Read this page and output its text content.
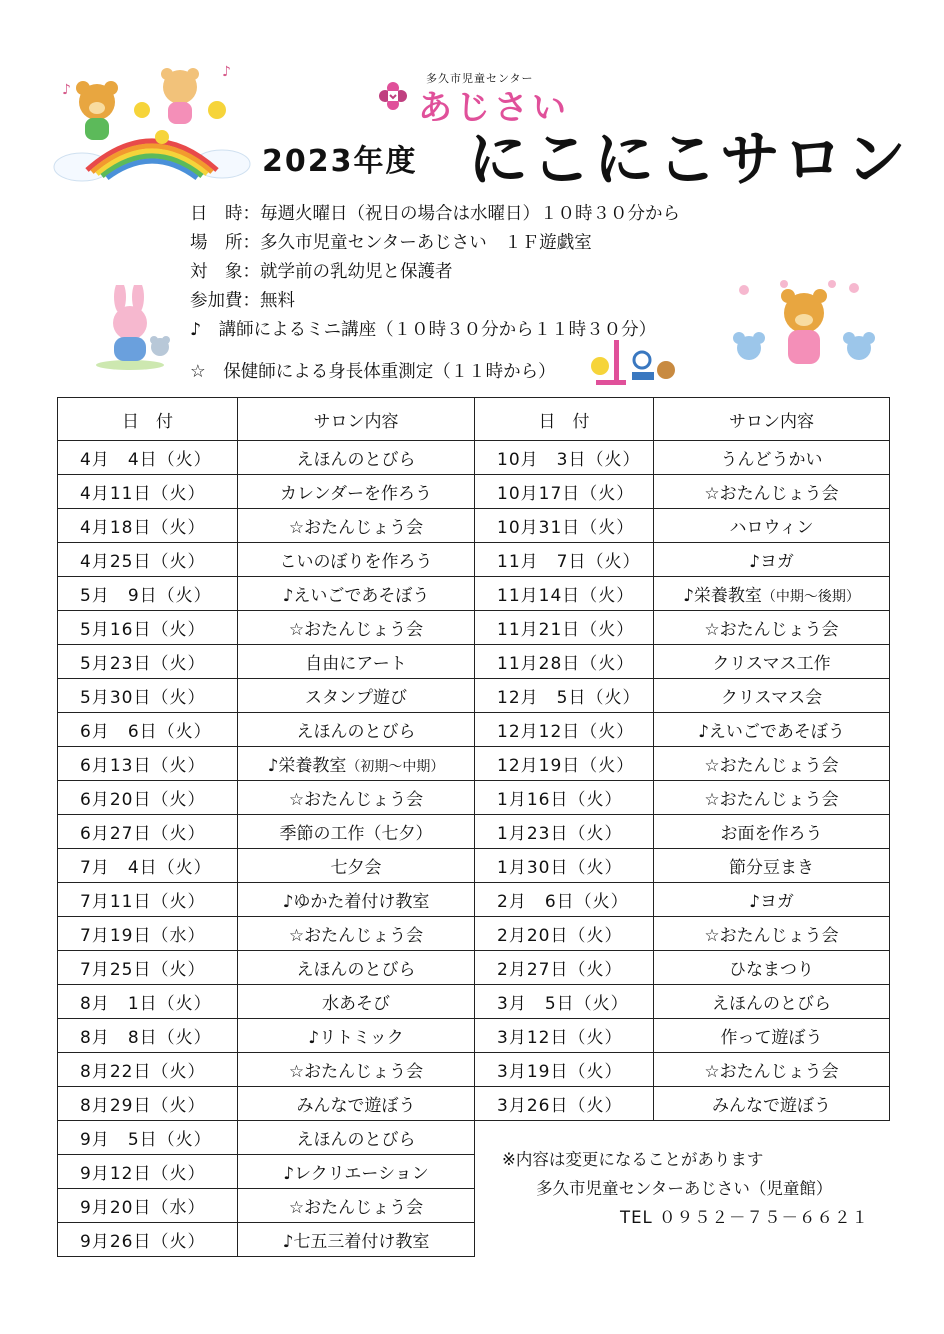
♪
♪	多久市児童センター
あじさい
2023年度 にこにこサロン
日　時：毎週火曜日（祝日の場合は水曜日）１０時３０分から
場　所：多久市児童センターあじさい　１Ｆ遊戯室
対　象：就学前の乳幼児と保護者
参加費：無料
♪　講師によるミニ講座（１０時３０分から１１時３０分）
☆　保健師による身長体重測定（１１時から）
日　付	サロン内容
4月　4日（火）	えほんのとびら
4月11日（火）	カレンダーを作ろう
4月18日（火）	☆おたんじょう会
4月25日（火）	こいのぼりを作ろう
5月　9日（火）	♪えいごであそぼう
5月16日（火）	☆おたんじょう会
5月23日（火）	自由にアート
5月30日（火）	スタンプ遊び
6月　6日（火）	えほんのとびら
6月13日（火）	♪栄養教室（初期～中期）
6月20日（火）	☆おたんじょう会
6月27日（火）	季節の工作（七夕）
7月　4日（火）	七夕会
7月11日（火）	♪ゆかた着付け教室
7月19日（水）	☆おたんじょう会
7月25日（火）	えほんのとびら
8月　1日（火）	水あそび
8月　8日（火）	♪リトミック
8月22日（火）	☆おたんじょう会
8月29日（火）	みんなで遊ぼう
9月　5日（火）	えほんのとびら
9月12日（火）	♪レクリエーション
9月20日（水）	☆おたんじょう会
9月26日（火）	♪七五三着付け教室
日　付	サロン内容
10月　3日（火）	うんどうかい
10月17日（火）	☆おたんじょう会
10月31日（火）	ハロウィン
11月　7日（火）	♪ヨガ
11月14日（火）	♪栄養教室（中期～後期）
11月21日（火）	☆おたんじょう会
11月28日（火）	クリスマス工作
12月　5日（火）	クリスマス会
12月12日（火）	♪えいごであそぼう
12月19日（火）	☆おたんじょう会
1月16日（火）	☆おたんじょう会
1月23日（火）	お面を作ろう
1月30日（火）	節分豆まき
2月　6日（火）	♪ヨガ
2月20日（火）	☆おたんじょう会
2月27日（火）	ひなまつり
3月　5日（火）	えほんのとびら
3月12日（火）	作って遊ぼう
3月19日（火）	☆おたんじょう会
3月26日（火）	みんなで遊ぼう
※内容は変更になることがあります
多久市児童センターあじさい（児童館）
TEL ０９５２－７５－６６２１
